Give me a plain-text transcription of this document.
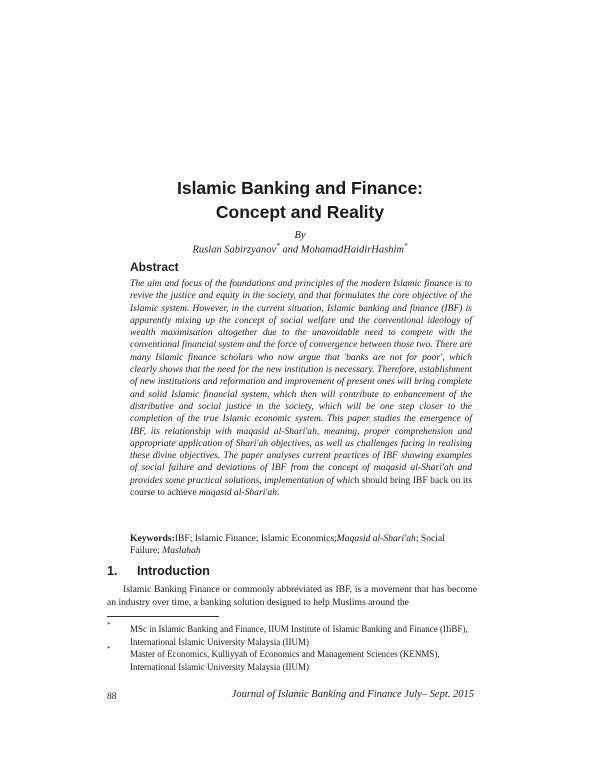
Islamic Banking and Finance:
Concept and Reality
By
Ruslan Sabirzyanov* and MohamadHaidirHashim*
Abstract
The aim and focus of the foundations and principles of the modern Islamic finance is to revive the justice and equity in the society, and that formulates the core objective of the Islamic system. However, in the current situation, Islamic banking and finance (IBF) is apparently mixing up the concept of social welfare and the conventional ideology of wealth maximisation altogether due to the unavoidable need to compete with the conventional financial system and the force of convergence between those two. There are many Islamic finance scholars who now argue that 'banks are not for poor', which clearly shows that the need for the new institution is necessary. Therefore, establishment of new institutions and reformation and improvement of present ones will bring complete and solid Islamic financial system, which then will contribute to enhancement of the distributive and social justice in the society, which will be one step closer to the completion of the true Islamic economic system. This paper studies the emergence of IBF, its relationship with maqasid al-Shari'ah, meaning, proper comprehension and appropriate application of Shari'ah objectives, as well as challenges facing in realising these divine objectives. The paper analyses current practices of IBF showing examples of social failure and deviations of IBF from the concept of maqasid al-Shari'ah and provides some practical solutions, implementation of which should bring IBF back on its course to achieve maqasid al-Shari'ah.
Keywords:IBF; Islamic Finance; Islamic Economics;Maqasid al-Shari'ah; Social Failure; Maslahah
1. Introduction
Islamic Banking Finance or commonly abbreviated as IBF, is a movement that has become an industry over time, a banking solution designed to help Muslims around the
* MSc in Islamic Banking and Finance, IIUM Institute of Islamic Banking and Finance (IIiBF), International Islamic University Malaysia (IIUM)
* Master of Economics, Kulliyyah of Economics and Management Sciences (KENMS), International Islamic University Malaysia (IIUM)
88	Journal of Islamic Banking and Finance July– Sept. 2015
